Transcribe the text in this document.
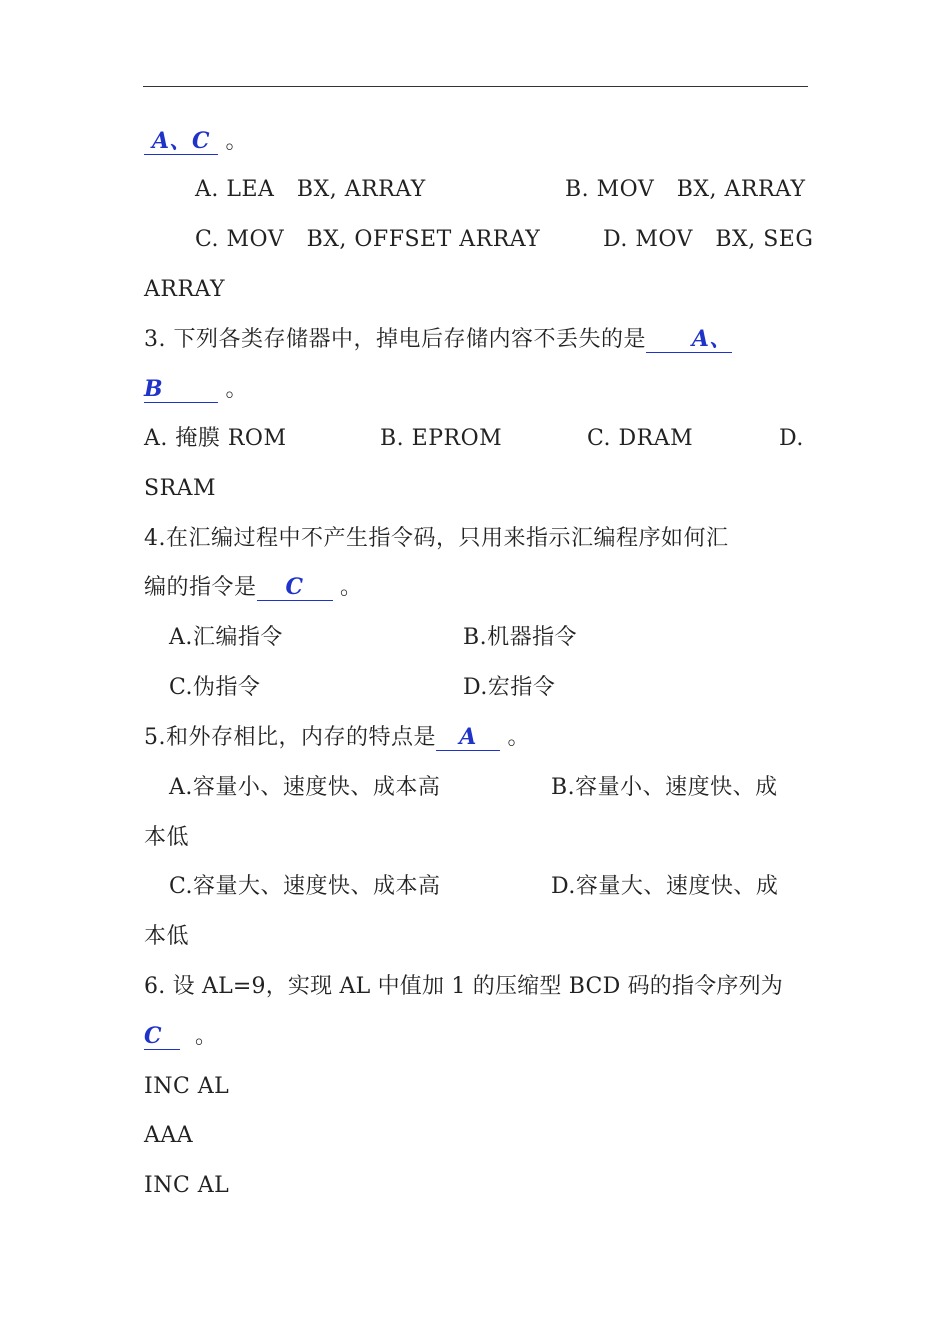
A、C 。
A. LEA   BX, ARRAY	B. MOV   BX, ARRAY
C. MOV   BX, OFFSET ARRAY	D. MOV   BX, SEG
ARRAY
3. 下列各类存储器中，掉电后存储内容不丢失的是 A、
B	。
A. 掩膜 ROM	B. EPROM	C. DRAM	D.
SRAM
4.在汇编过程中不产生指令码，只用来指示汇编程序如何汇
编的指令是 C 。
A.汇编指令	B.机器指令
C.伪指令	D.宏指令
5.和外存相比，内存的特点是 A 。
A.容量小、速度快、成本高	B.容量小、速度快、成
本低
C.容量大、速度快、成本高	D.容量大、速度快、成
本低
6. 设 AL=9，实现 AL 中值加 1 的压缩型 BCD 码的指令序列为
C 。
INC AL
AAA
INC AL
